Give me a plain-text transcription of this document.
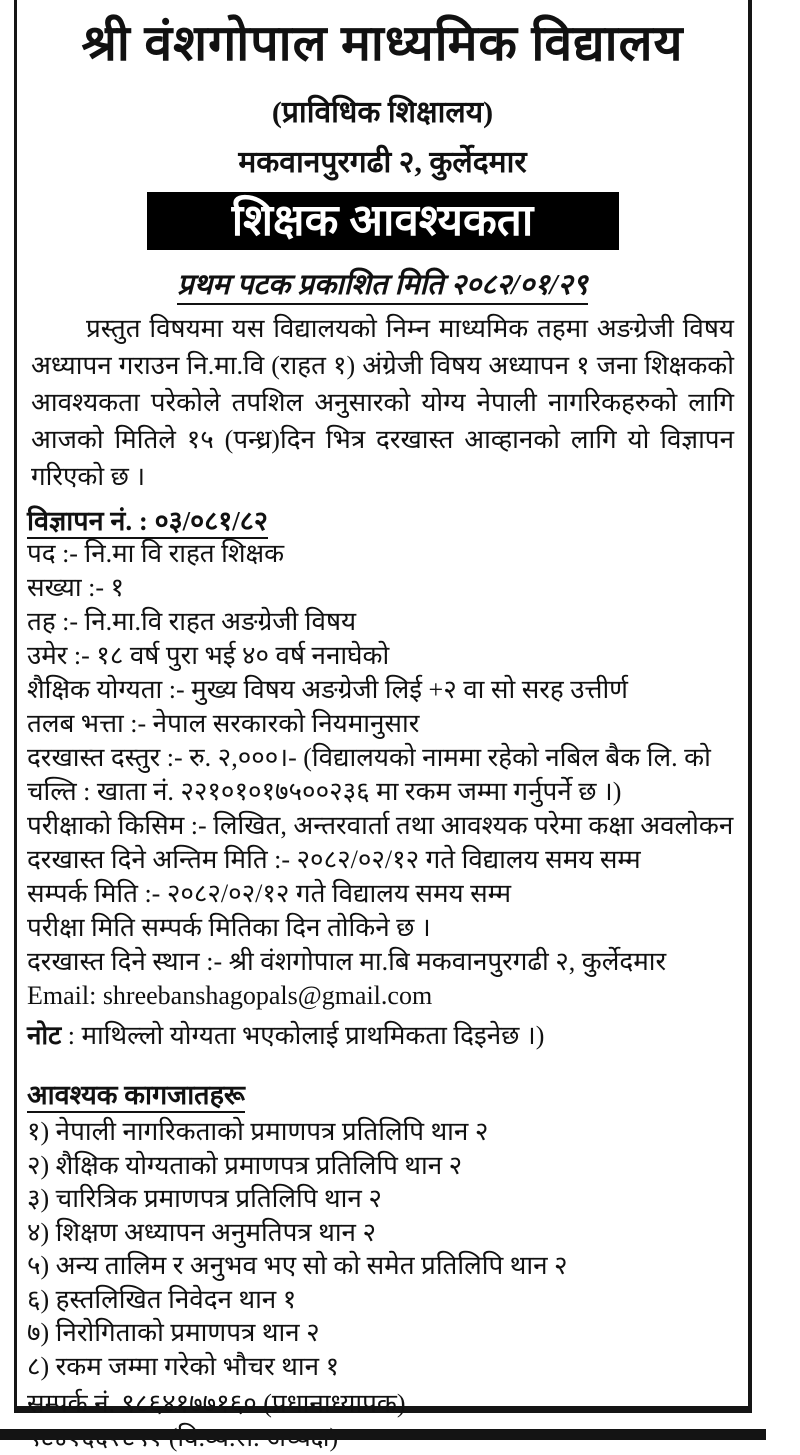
श्री वंशगोपाल माध्यमिक विद्यालय
(प्राविधिक शिक्षालय)
मकवानपुरगढी २, कुर्लेदमार
शिक्षक आवश्यकता
प्रथम पटक प्रकाशित मिति २०८२/०१/२९
प्रस्तुत विषयमा यस विद्यालयको निम्न माध्यमिक तहमा अङग्रेजी विषय अध्यापन गराउन नि.मा.वि (राहत १) अंग्रेजी विषय अध्यापन १ जना शिक्षकको आवश्यकता परेकोले तपशिल अनुसारको योग्य नेपाली नागरिकहरुको लागि आजको मितिले १५ (पन्ध्र)दिन भित्र दरखास्त आव्हानको लागि यो विज्ञापन गरिएको छ ।
विज्ञापन नं. : ०३/०८१/८२
पद :- नि.मा वि राहत शिक्षक
सख्या :- १
तह :- नि.मा.वि राहत अङग्रेजी विषय
उमेर :- १८ वर्ष पुरा भई ४० वर्ष ननाघेको
शैक्षिक योग्यता :- मुख्य विषय अङग्रेजी लिई +२ वा सो सरह उत्तीर्ण
तलब भत्ता :- नेपाल सरकारको नियमानुसार
दरखास्त दस्तुर :- रु. २,०००।- (विद्यालयको नाममा रहेको नबिल बैक लि. को
चल्ति : खाता नं. २२१०१०१७५००२३६ मा रकम जम्मा गर्नुपर्ने छ ।)
परीक्षाको किसिम :- लिखित, अन्तरवार्ता तथा आवश्यक परेमा कक्षा अवलोकन
दरखास्त दिने अन्तिम मिति :- २०८२/०२/१२ गते विद्यालय समय सम्म
सम्पर्क मिति :- २०८२/०२/१२ गते विद्यालय समय सम्म
परीक्षा मिति सम्पर्क मितिका दिन तोकिने छ ।
दरखास्त दिने स्थान :- श्री वंशगोपाल मा.बि मकवानपुरगढी २, कुर्लेदमार
Email: shreebanshagopals@gmail.com
नोट : माथिल्लो योग्यता भएकोलाई प्राथमिकता दिइनेछ ।)
आवश्यक कागजातहरू
१) नेपाली नागरिकताको प्रमाणपत्र प्रतिलिपि थान २
२) शैक्षिक योग्यताको प्रमाणपत्र प्रतिलिपि थान २
३) चारित्रिक प्रमाणपत्र प्रतिलिपि थान २
४) शिक्षण अध्यापन अनुमतिपत्र थान २
५) अन्य तालिम र अनुभव भए सो को समेत प्रतिलिपि थान २
६) हस्तलिखित निवेदन थान १
७) निरोगिताको प्रमाणपत्र थान २
८) रकम जम्मा गरेको भौचर थान १
सम्पर्क नं. ९८६४१७७१६० (प्रधानाध्यापक)
